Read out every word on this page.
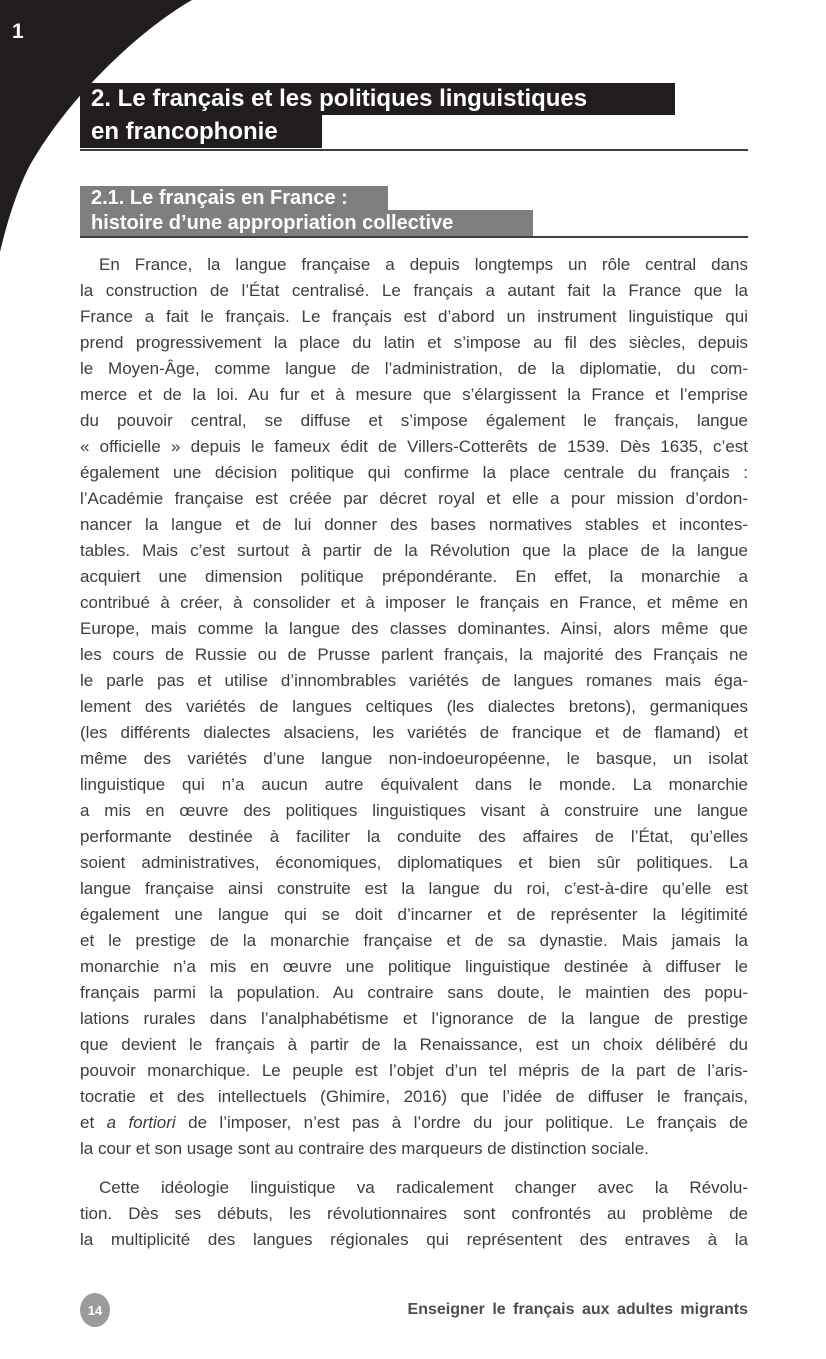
1
2. Le français et les politiques linguistiques
en francophonie
2.1. Le français en France :
histoire d’une appropriation collective
En France, la langue française a depuis longtemps un rôle central dans
la construction de l’État centralisé. Le français a autant fait la France que la
France a fait le français. Le français est d’abord un instrument linguistique qui
prend progressivement la place du latin et s’impose au fil des siècles, depuis
le Moyen-Âge, comme langue de l’administration, de la diplomatie, du com-
merce et de la loi. Au fur et à mesure que s’élargissent la France et l’emprise
du pouvoir central, se diffuse et s’impose également le français, langue
« officielle » depuis le fameux édit de Villers-Cotterêts de 1539. Dès 1635, c’est
également une décision politique qui confirme la place centrale du français :
l’Académie française est créée par décret royal et elle a pour mission d’ordon-
nancer la langue et de lui donner des bases normatives stables et incontes-
tables. Mais c’est surtout à partir de la Révolution que la place de la langue
acquiert une dimension politique prépondérante. En effet, la monarchie a
contribué à créer, à consolider et à imposer le français en France, et même en
Europe, mais comme la langue des classes dominantes. Ainsi, alors même que
les cours de Russie ou de Prusse parlent français, la majorité des Français ne
le parle pas et utilise d’innombrables variétés de langues romanes mais éga-
lement des variétés de langues celtiques (les dialectes bretons), germaniques
(les différents dialectes alsaciens, les variétés de francique et de flamand) et
même des variétés d’une langue non-indoeuropéenne, le basque, un isolat
linguistique qui n’a aucun autre équivalent dans le monde. La monarchie
a mis en œuvre des politiques linguistiques visant à construire une langue
performante destinée à faciliter la conduite des affaires de l’État, qu’elles
soient administratives, économiques, diplomatiques et bien sûr politiques. La
langue française ainsi construite est la langue du roi, c’est-à-dire qu’elle est
également une langue qui se doit d’incarner et de représenter la légitimité
et le prestige de la monarchie française et de sa dynastie. Mais jamais la
monarchie n’a mis en œuvre une politique linguistique destinée à diffuser le
français parmi la population. Au contraire sans doute, le maintien des popu-
lations rurales dans l’analphabétisme et l’ignorance de la langue de prestige
que devient le français à partir de la Renaissance, est un choix délibéré du
pouvoir monarchique. Le peuple est l’objet d’un tel mépris de la part de l’aris-
tocratie et des intellectuels (Ghimire, 2016) que l’idée de diffuser le français,
et a fortiori de l’imposer, n’est pas à l’ordre du jour politique. Le français de
la cour et son usage sont au contraire des marqueurs de distinction sociale.
Cette idéologie linguistique va radicalement changer avec la Révolu-
tion. Dès ses débuts, les révolutionnaires sont confrontés au problème de
la multiplicité des langues régionales qui représentent des entraves à la
14	Enseigner le français aux adultes migrants
